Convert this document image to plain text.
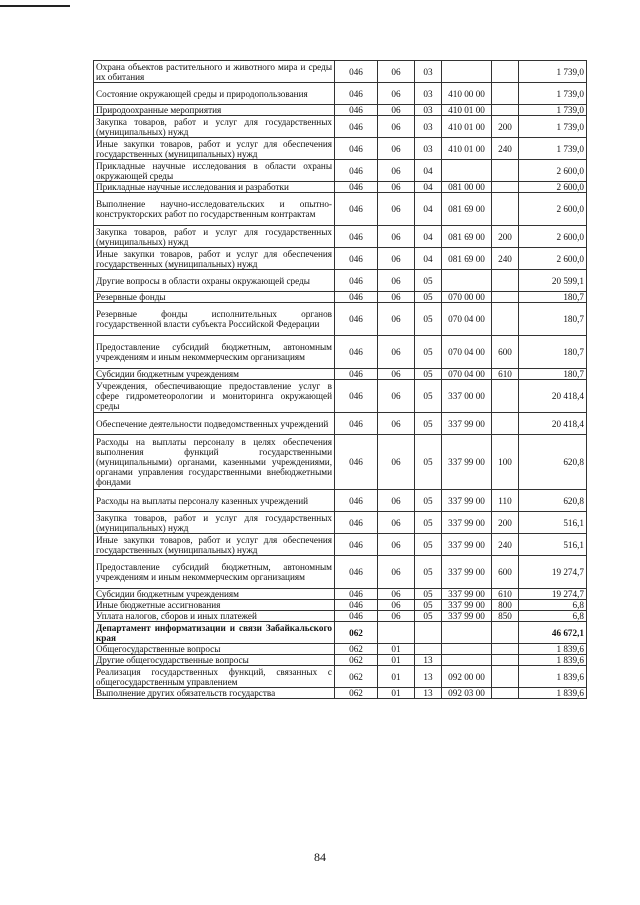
Охрана объектов растительного и животного мира и среды их обитания	046	06	03			1 739,0
Состояние окружающей среды и природопользования	046	06	03	410 00 00		1 739,0
Природоохранные мероприятия	046	06	03	410 01 00		1 739,0
Закупка товаров, работ и услуг для государственных (муниципальных) нужд	046	06	03	410 01 00	200	1 739,0
Иные закупки товаров, работ и услуг для обеспечения государственных (муниципальных) нужд	046	06	03	410 01 00	240	1 739,0
Прикладные научные исследования в области охраны окружающей среды	046	06	04			2 600,0
Прикладные научные исследования и разработки	046	06	04	081 00 00		2 600,0
Выполнение научно-исследовательских и опытно-конструкторских работ по государственным контрактам	046	06	04	081 69 00		2 600,0
Закупка товаров, работ и услуг для государственных (муниципальных) нужд	046	06	04	081 69 00	200	2 600,0
Иные закупки товаров, работ и услуг для обеспечения государственных (муниципальных) нужд	046	06	04	081 69 00	240	2 600,0
Другие вопросы в области охраны окружающей среды	046	06	05			20 599,1
Резервные фонды	046	06	05	070 00 00		180,7
Резервные фонды исполнительных органов государственной власти субъекта Российской Федерации	046	06	05	070 04 00		180,7
Предоставление субсидий бюджетным, автономным учреждениям и иным некоммерческим организациям	046	06	05	070 04 00	600	180,7
Субсидии бюджетным учреждениям	046	06	05	070 04 00	610	180,7
Учреждения, обеспечивающие предоставление услуг в сфере гидрометеорологии и мониторинга окружающей среды	046	06	05	337 00 00		20 418,4
Обеспечение деятельности подведомственных учреждений	046	06	05	337 99 00		20 418,4
Расходы на выплаты персоналу в целях обеспечения выполнения функций государственными (муниципальными) органами, казенными учреждениями, органами управления государственными внебюджетными фондами	046	06	05	337 99 00	100	620,8
Расходы на выплаты персоналу казенных учреждений	046	06	05	337 99 00	110	620,8
Закупка товаров, работ и услуг для государственных (муниципальных) нужд	046	06	05	337 99 00	200	516,1
Иные закупки товаров, работ и услуг для обеспечения государственных (муниципальных) нужд	046	06	05	337 99 00	240	516,1
Предоставление субсидий бюджетным, автономным учреждениям и иным некоммерческим организациям	046	06	05	337 99 00	600	19 274,7
Субсидии бюджетным учреждениям	046	06	05	337 99 00	610	19 274,7
Иные бюджетные ассигнования	046	06	05	337 99 00	800	6,8
Уплата налогов, сборов и иных платежей	046	06	05	337 99 00	850	6,8
Департамент информатизации и связи Забайкальского края	062					46 672,1
Общегосударственные вопросы	062	01				1 839,6
Другие общегосударственные вопросы	062	01	13			1 839,6
Реализация государственных функций, связанных с общегосударственным управлением	062	01	13	092 00 00		1 839,6
Выполнение других обязательств государства	062	01	13	092 03 00		1 839,6
84
